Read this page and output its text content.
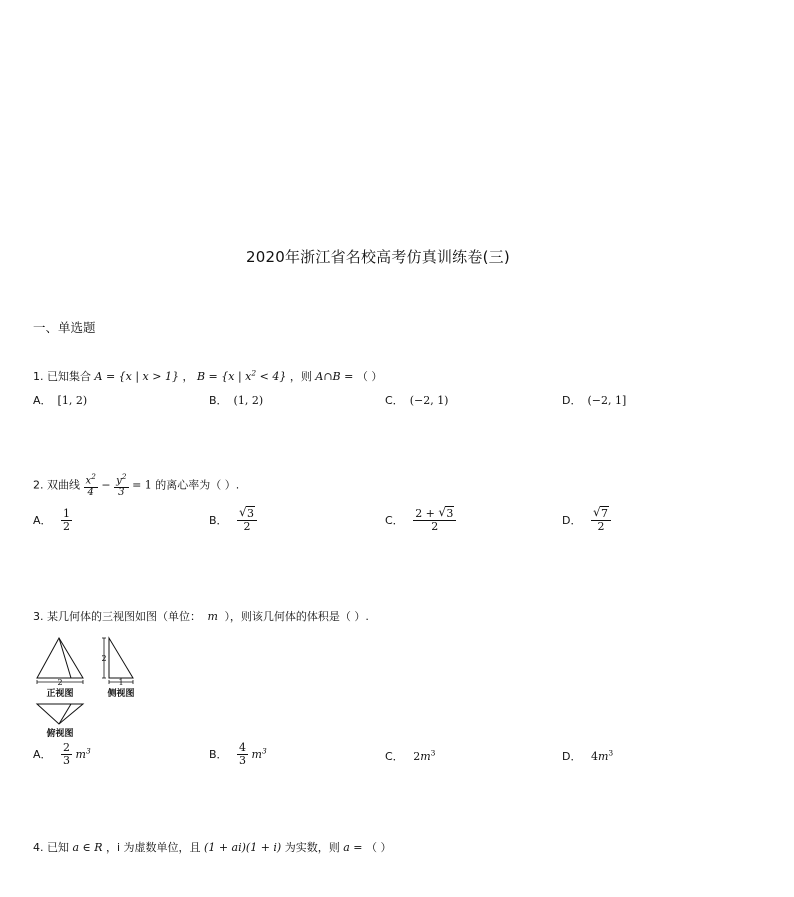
2020年浙江省名校高考仿真训练卷(三)
一、单选题
1. 已知集合 A = {x | x > 1} ， B = {x | $x^2 < 4$} ，则 A∩B = （ ）
A． [1, 2)	B． (1, 2)	C． (−2, 1)	D． (−2, 1]
2. 双曲线 $\frac{x^2}{4} - \frac{y^2}{3} = 1$ 的离心率为（ ）.
A． $\frac{1}{2}$	B． $\frac{√ 3}{2}$	C． $\frac{2 + √ 3}{2}$	D． $\frac{√ 7}{2}$
3. 某几何体的三视图如图（单位： m ），则该几何体的体积是（ ）.
2
正视图
2
1
侧视图
俯视图
A． $\frac{2}{3} m^3$	B． $\frac{4}{3} m^3$	C． $2m^3$	D． $4m^3$
4. 已知 a ∈ R ，i 为虚数单位，且 (1 + ai)(1 + i) 为实数，则 a = （ ）
